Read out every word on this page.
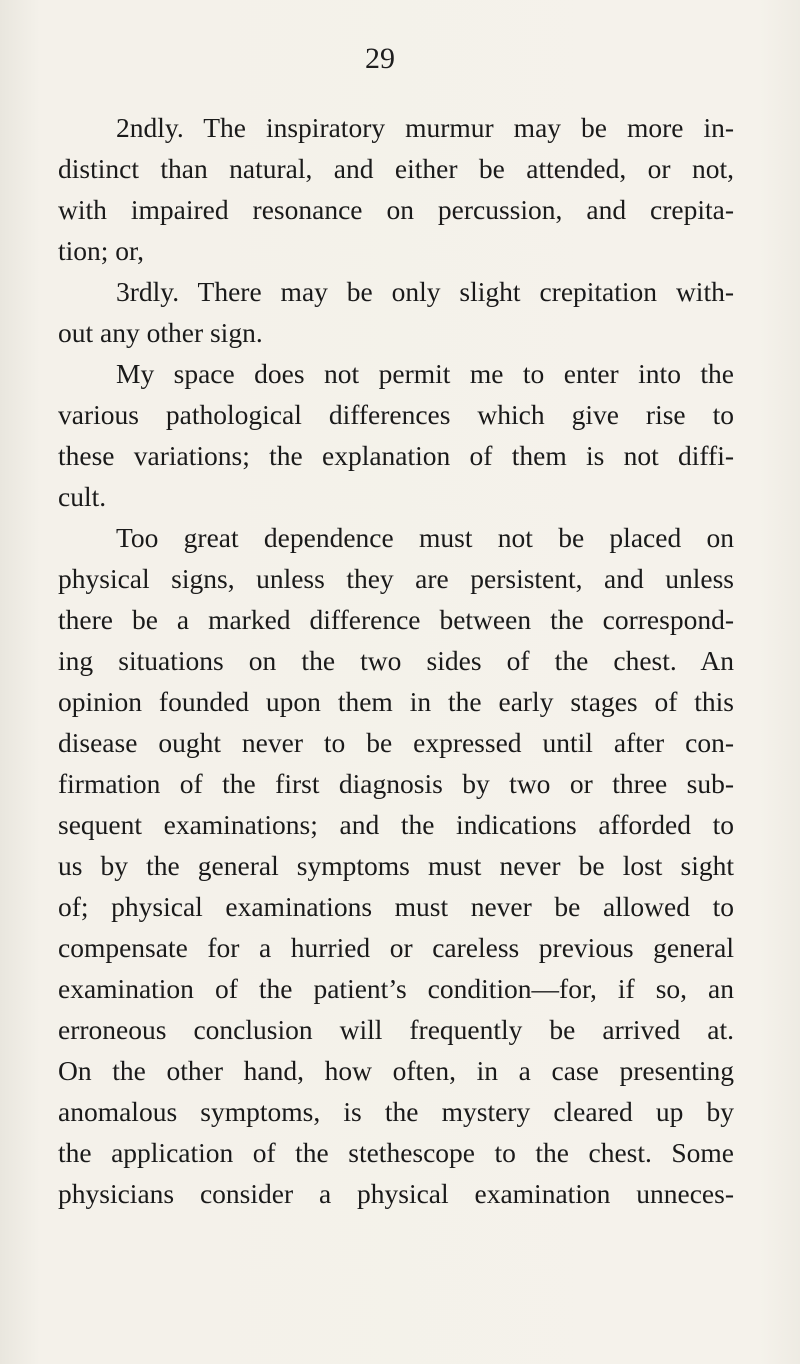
29
2ndly. The inspiratory murmur may be more in-
distinct than natural, and either be attended, or not,
with impaired resonance on percussion, and crepita-
tion; or,
3rdly. There may be only slight crepitation with-
out any other sign.
My space does not permit me to enter into the
various pathological differences which give rise to
these variations; the explanation of them is not diffi-
cult.
Too great dependence must not be placed on
physical signs, unless they are persistent, and unless
there be a marked difference between the correspond-
ing situations on the two sides of the chest. An
opinion founded upon them in the early stages of this
disease ought never to be expressed until after con-
firmation of the first diagnosis by two or three sub-
sequent examinations; and the indications afforded to
us by the general symptoms must never be lost sight
of; physical examinations must never be allowed to
compensate for a hurried or careless previous general
examination of the patient’s condition—for, if so, an
erroneous conclusion will frequently be arrived at.
On the other hand, how often, in a case presenting
anomalous symptoms, is the mystery cleared up by
the application of the stethescope to the chest. Some
physicians consider a physical examination unneces-
